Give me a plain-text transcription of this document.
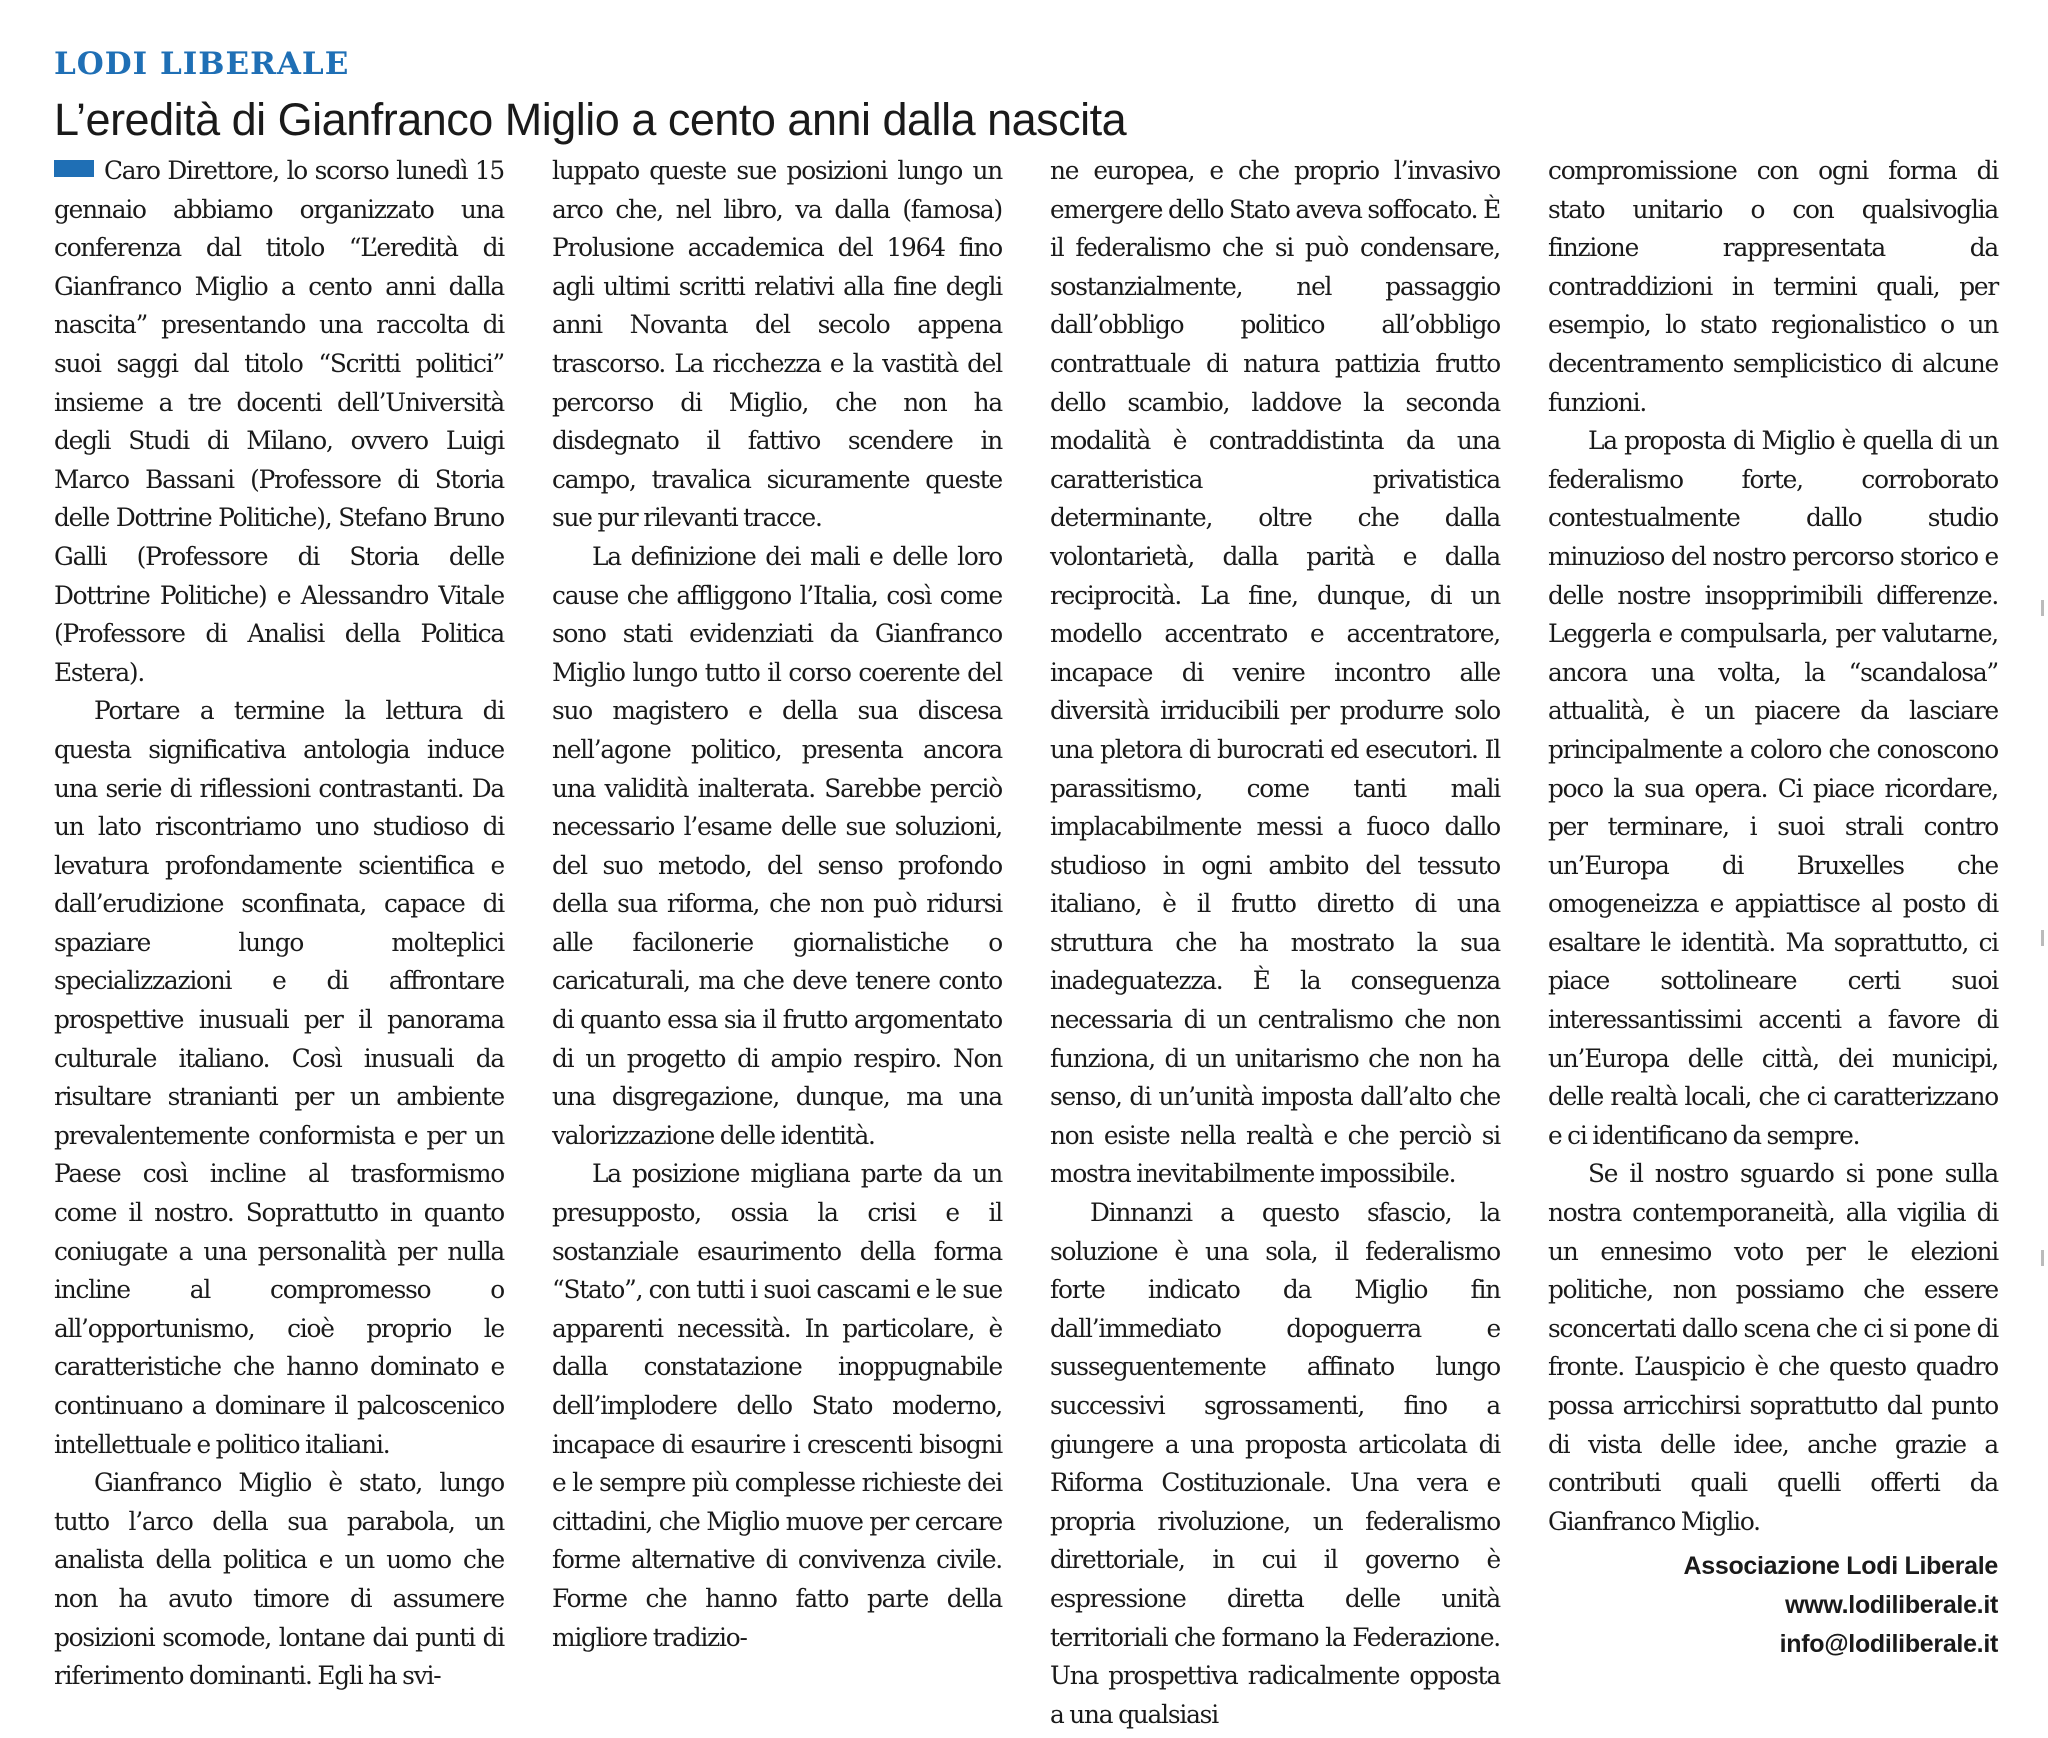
LODI LIBERALE
L’eredità di Gianfranco Miglio a cento anni dalla nascita

Caro Direttore, lo scorso lunedì 15 gennaio abbiamo organizzato una conferenza dal titolo “L’eredità di Gianfranco Miglio a cento anni dalla nascita” presentando una raccolta di suoi saggi dal titolo “Scritti politici” insieme a tre docenti dell’Università degli Studi di Milano, ovvero Luigi Marco Bassani (Professore di Storia delle Dottrine Politiche), Stefano Bruno Galli (Professore di Storia delle Dottrine Politiche) e Alessandro Vitale (Professore di Analisi della Politica Estera).

Portare a termine la lettura di questa significativa antologia induce una serie di riflessioni contrastanti. Da un lato riscontriamo uno studioso di levatura profondamente scientifica e dall’erudizione sconfinata, capace di spaziare lungo molteplici specializzazioni e di affrontare prospettive inusuali per il panorama culturale italiano. Così inusuali da risultare stranianti per un ambiente prevalentemente conformista e per un Paese così incline al trasformismo come il nostro. Soprattutto in quanto coniugate a una personalità per nulla incline al compromesso o all’opportunismo, cioè proprio le caratteristiche che hanno dominato e continuano a dominare il palcoscenico intellettuale e politico italiani.

Gianfranco Miglio è stato, lungo tutto l’arco della sua parabola, un analista della politica e un uomo che non ha avuto timore di assumere posizioni scomode, lontane dai punti di riferimento dominanti. Egli ha svi-

luppato queste sue posizioni lungo un arco che, nel libro, va dalla (famosa) Prolusione accademica del 1964 fino agli ultimi scritti relativi alla fine degli anni Novanta del secolo appena trascorso. La ricchezza e la vastità del percorso di Miglio, che non ha disdegnato il fattivo scendere in campo, travalica sicuramente queste sue pur rilevanti tracce.

La definizione dei mali e delle loro cause che affliggono l’Italia, così come sono stati evidenziati da Gianfranco Miglio lungo tutto il corso coerente del suo magistero e della sua discesa nell’agone politico, presenta ancora una validità inalterata. Sarebbe perciò necessario l’esame delle sue soluzioni, del suo metodo, del senso profondo della sua riforma, che non può ridursi alle facilonerie giornalistiche o caricaturali, ma che deve tenere conto di quanto essa sia il frutto argomentato di un progetto di ampio respiro. Non una disgregazione, dunque, ma una valorizzazione delle identità.

La posizione migliana parte da un presupposto, ossia la crisi e il sostanziale esaurimento della forma “Stato”, con tutti i suoi cascami e le sue apparenti necessità. In particolare, è dalla constatazione inoppugnabile dell’implodere dello Stato moderno, incapace di esaurire i crescenti bisogni e le sempre più complesse richieste dei cittadini, che Miglio muove per cercare forme alternative di convivenza civile. Forme che hanno fatto parte della migliore tradizio-

ne europea, e che proprio l’invasivo emergere dello Stato aveva soffocato. È il federalismo che si può condensare, sostanzialmente, nel passaggio dall’obbligo politico all’obbligo contrattuale di natura pattizia frutto dello scambio, laddove la seconda modalità è contraddistinta da una caratteristica privatistica determinante, oltre che dalla volontarietà, dalla parità e dalla reciprocità. La fine, dunque, di un modello accentrato e accentratore, incapace di venire incontro alle diversità irriducibili per produrre solo una pletora di burocrati ed esecutori. Il parassitismo, come tanti mali implacabilmente messi a fuoco dallo studioso in ogni ambito del tessuto italiano, è il frutto diretto di una struttura che ha mostrato la sua inadeguatezza. È la conseguenza necessaria di un centralismo che non funziona, di un unitarismo che non ha senso, di un’unità imposta dall’alto che non esiste nella realtà e che perciò si mostra inevitabilmente impossibile.

Dinnanzi a questo sfascio, la soluzione è una sola, il federalismo forte indicato da Miglio fin dall’immediato dopoguerra e susseguentemente affinato lungo successivi sgrossamenti, fino a giungere a una proposta articolata di Riforma Costituzionale. Una vera e propria rivoluzione, un federalismo direttoriale, in cui il governo è espressione diretta delle unità territoriali che formano la Federazione. Una prospettiva radicalmente opposta a una qualsiasi

compromissione con ogni forma di stato unitario o con qualsivoglia finzione rappresentata da contraddizioni in termini quali, per esempio, lo stato regionalistico o un decentramento semplicistico di alcune funzioni.

La proposta di Miglio è quella di un federalismo forte, corroborato contestualmente dallo studio minuzioso del nostro percorso storico e delle nostre insopprimibili differenze. Leggerla e compulsarla, per valutarne, ancora una volta, la “scandalosa” attualità, è un piacere da lasciare principalmente a coloro che conoscono poco la sua opera. Ci piace ricordare, per terminare, i suoi strali contro un’Europa di Bruxelles che omogeneizza e appiattisce al posto di esaltare le identità. Ma soprattutto, ci piace sottolineare certi suoi interessantissimi accenti a favore di un’Europa delle città, dei municipi, delle realtà locali, che ci caratterizzano e ci identificano da sempre.

Se il nostro sguardo si pone sulla nostra contemporaneità, alla vigilia di un ennesimo voto per le elezioni politiche, non possiamo che essere sconcertati dallo scena che ci si pone di fronte. L’auspicio è che questo quadro possa arricchirsi soprattutto dal punto di vista delle idee, anche grazie a contributi quali quelli offerti da Gianfranco Miglio.

Associazione Lodi Liberale
www.lodiliberale.it
info@lodiliberale.it
